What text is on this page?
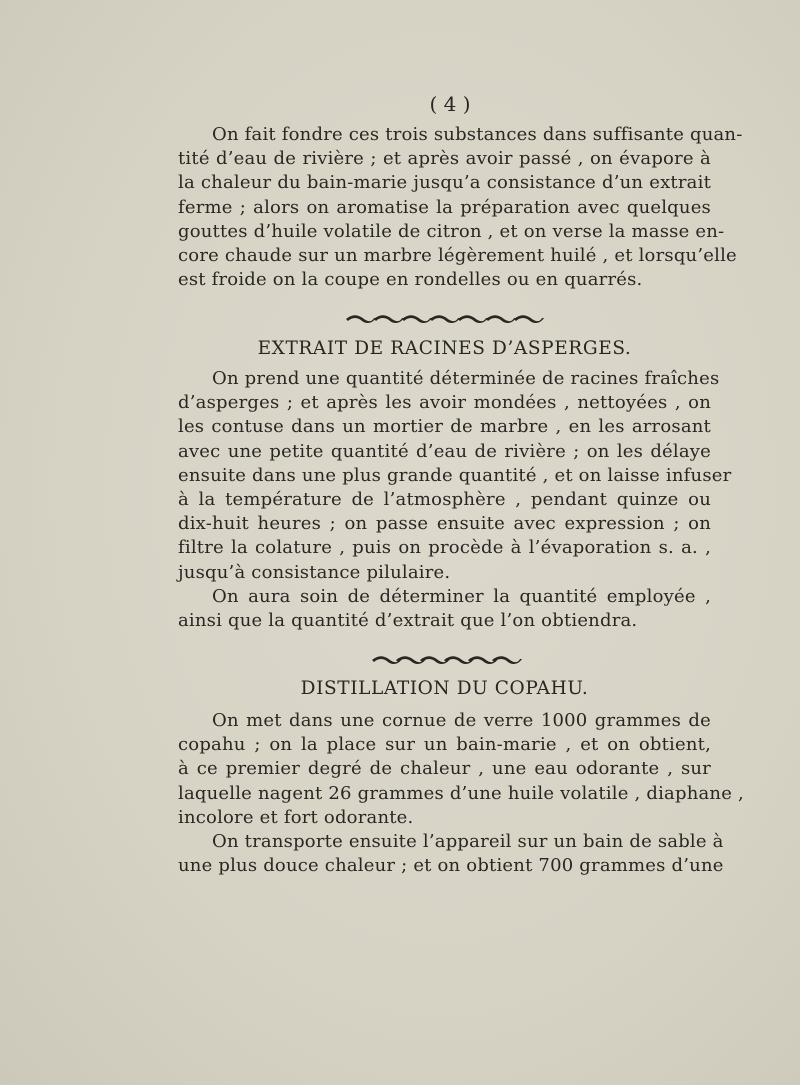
( 4 )
On fait fondre ces trois substances dans suffisante quan-
tité d’eau de rivière ; et après avoir passé , on évapore à
la chaleur du bain-marie jusqu’a consistance d’un extrait
ferme ; alors on aromatise la préparation avec quelques
gouttes d’huile volatile de citron , et on verse la masse en-
core chaude sur un marbre légèrement huilé , et lorsqu’elle
est froide on la coupe en rondelles ou en quarrés.
EXTRAIT DE RACINES D’ASPERGES.
On prend une quantité déterminée de racines fraîches
d’asperges ; et après les avoir mondées , nettoyées , on
les contuse dans un mortier de marbre , en les arrosant
avec une petite quantité d’eau de rivière ; on les délaye
ensuite dans une plus grande quantité , et on laisse infuser
à la température de l’atmosphère , pendant quinze ou
dix-huit heures ; on passe ensuite avec expression ; on
filtre la colature , puis on procède à l’évaporation s. a. ,
jusqu’à consistance pilulaire.
On aura soin de déterminer la quantité employée ,
ainsi que la quantité d’extrait que l’on obtiendra.
DISTILLATION DU COPAHU.
On met dans une cornue de verre 1000 grammes de
copahu ; on la place sur un bain-marie , et on obtient,
à ce premier degré de chaleur , une eau odorante , sur
laquelle nagent 26 grammes d’une huile volatile , diaphane ,
incolore et fort odorante.
On transporte ensuite l’appareil sur un bain de sable à
une plus douce chaleur ; et on obtient 700 grammes d’une
